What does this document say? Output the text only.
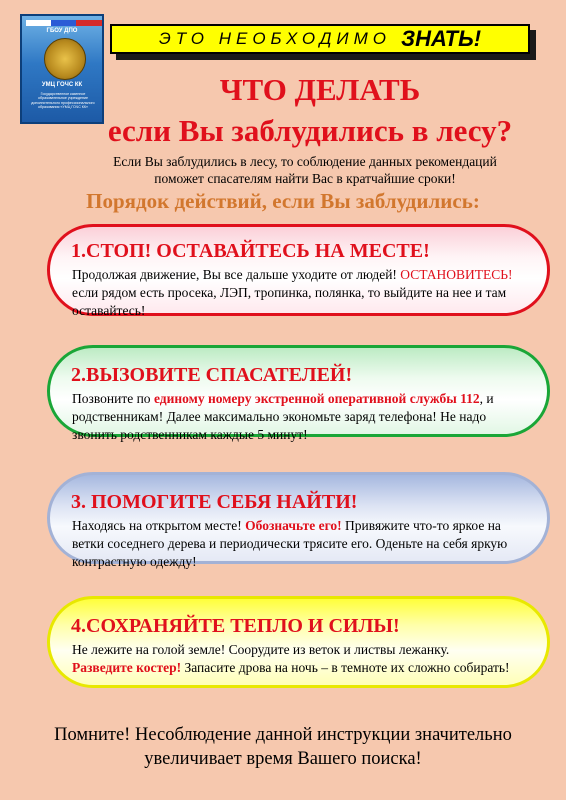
ГБОУ ДПО
УМЦ ГОЧС КК
Государственное казенное образовательное учреждение дополнительного профессионального образования «УМЦ ГОЧС КК»
ЭТО НЕОБХОДИМО ЗНАТЬ!
ЧТО ДЕЛАТЬ
если Вы заблудились в лесу?
Если Вы заблудились в лесу, то соблюдение данных рекомендаций
поможет спасателям найти Вас в кратчайшие сроки!
Порядок действий, если Вы заблудились:
1.СТОП! ОСТАВАЙТЕСЬ НА МЕСТЕ!
Продолжая движение, Вы все дальше уходите от людей! ОСТАНОВИТЕСЬ! если рядом есть просека, ЛЭП, тропинка, полянка, то выйдите на нее и там оставайтесь!
2.ВЫЗОВИТЕ СПАСАТЕЛЕЙ!
Позвоните по единому номеру экстренной оперативной службы 112, и родственникам! Далее максимально экономьте заряд телефона! Не надо звонить родственникам каждые 5 минут!
3. ПОМОГИТЕ СЕБЯ НАЙТИ!
Находясь на открытом месте! Обозначьте его! Привяжите что-то яркое на ветки соседнего дерева и периодически трясите его. Оденьте на себя яркую контрастную одежду!
4.СОХРАНЯЙТЕ ТЕПЛО И СИЛЫ!
Не лежите на голой земле! Соорудите из веток и листвы лежанку. Разведите костер! Запасите дрова на ночь – в темноте их сложно собирать!
Помните! Несоблюдение данной инструкции значительно
увеличивает время Вашего поиска!
